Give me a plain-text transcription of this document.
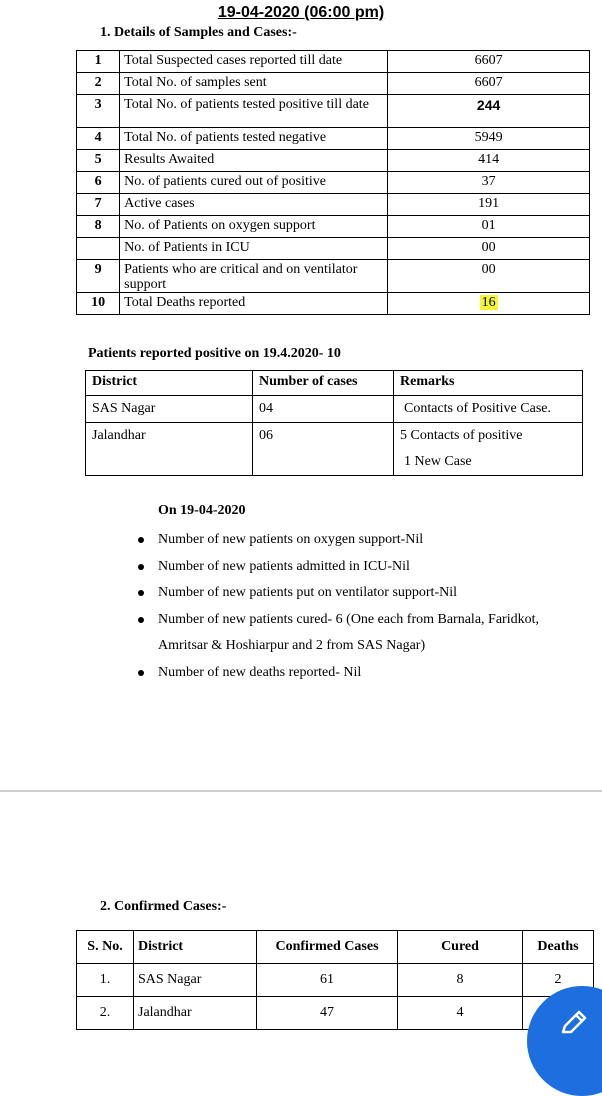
19-04-2020 (06:00 pm)
1. Details of Samples and Cases:-
1	Total Suspected cases reported till date	6607
2	Total No. of samples sent	6607
3	Total No. of patients tested positive till date	244
4	Total No. of patients tested negative	5949
5	Results Awaited	414
6	No. of patients cured out of positive	37
7	Active cases	191
8	No. of Patients on oxygen support	01
	No. of Patients in ICU	00
9	Patients who are critical and on ventilator support	00
10	Total Deaths reported	16
Patients reported positive on 19.4.2020- 10
District	Number of cases	Remarks
SAS Nagar	04	Contacts of Positive Case.

Jalandhar	06	5 Contacts of positive
1 New Case
On 19-04-2020
Number of new patients on oxygen support-Nil
Number of new patients admitted in ICU-Nil
Number of new patients put on ventilator support-Nil
Number of new patients cured- 6 (One each from Barnala, Faridkot, Amritsar & Hoshiarpur and 2 from SAS Nagar)
Number of new deaths reported- Nil
2. Confirmed Cases:-
S. No.	District	Confirmed Cases	Cured	Deaths
1.	SAS Nagar	61	8	2
2.	Jalandhar	47	4	
